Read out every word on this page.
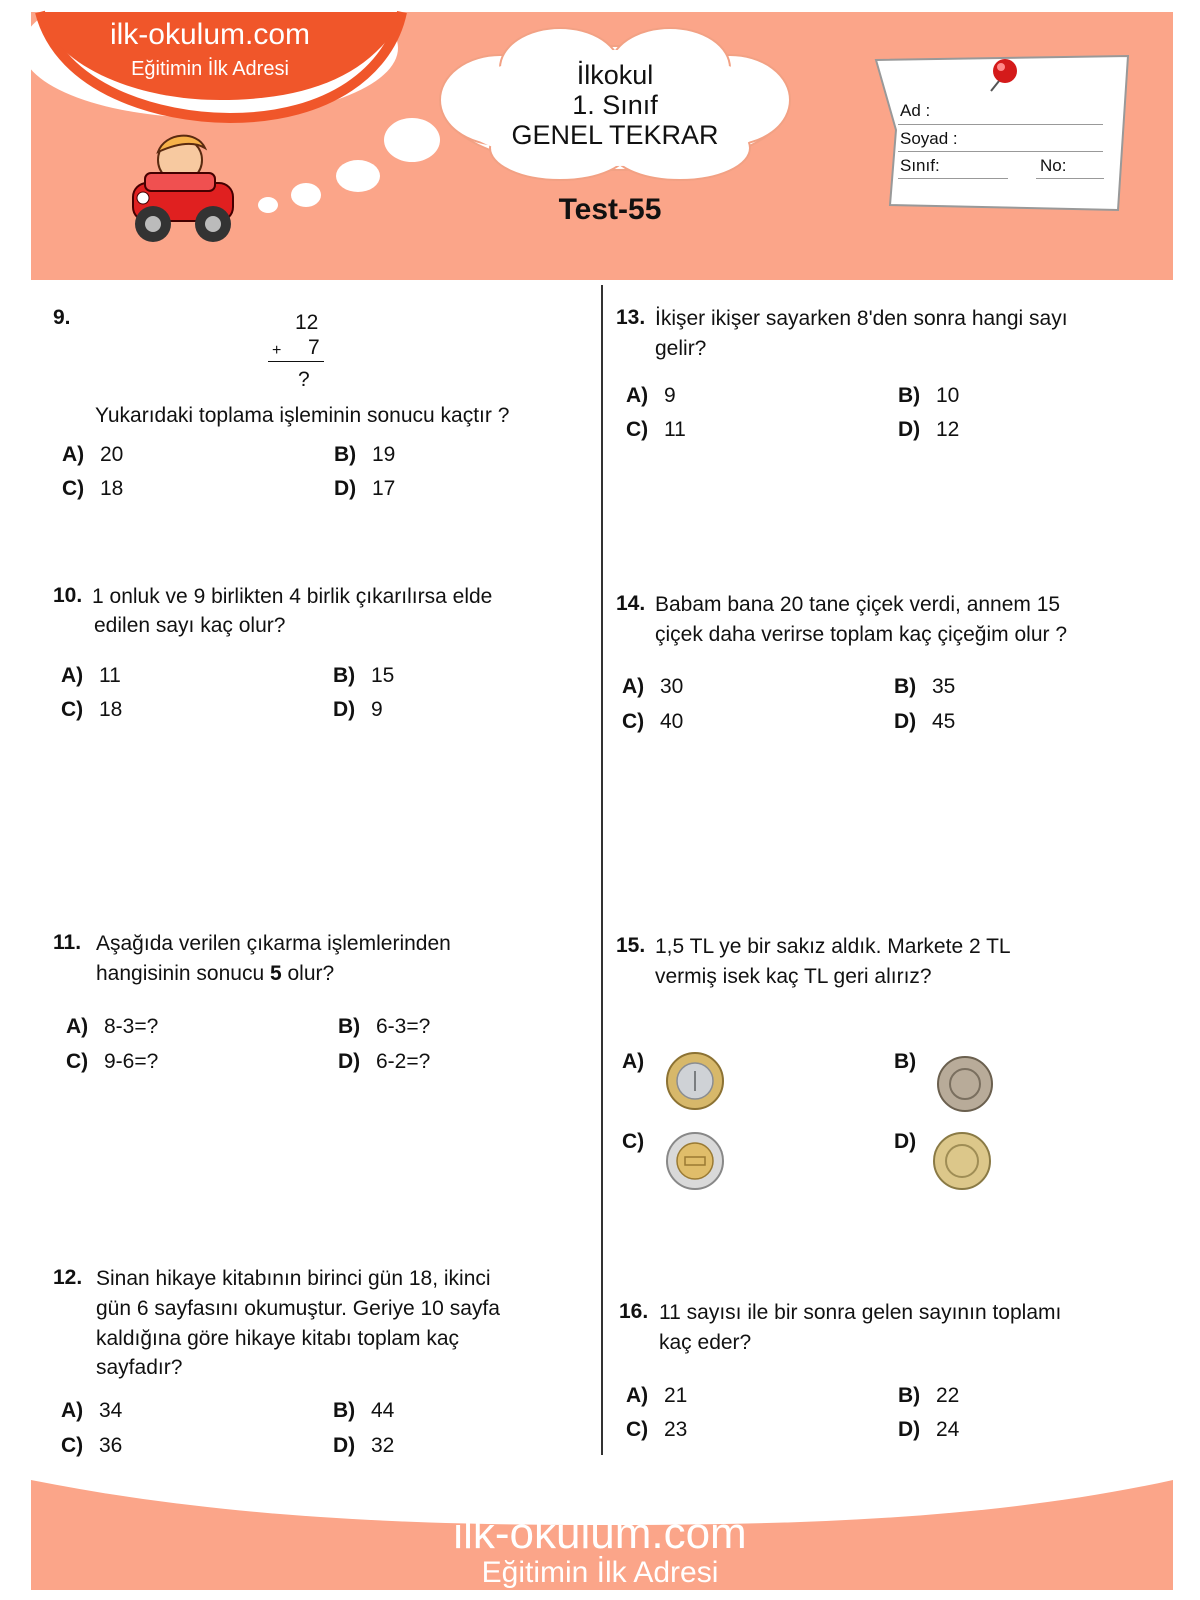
ilk-okulum.com
Eğitimin İlk Adresi	İlkokul
1. Sınıf
GENEL TEKRAR
Test-55
Ad :
Soyad :
Sınıf:	No:
9.	12
+ 7
?
Yukarıdaki toplama işleminin sonucu kaçtır ?
A) 20	B) 19
C) 18	D) 17
10. 1 onluk ve 9 birlikten 4 birlik çıkarılırsa elde
edilen sayı kaç olur?
A) 11	B) 15
C) 18	D) 9
11. Aşağıda verilen çıkarma işlemlerinden
hangisinin sonucu 5 olur?
A) 8-3=?	B) 6-3=?
C) 9-6=?	D) 6-2=?
12. Sinan hikaye kitabının birinci gün 18, ikinci
gün 6 sayfasını okumuştur. Geriye 10 sayfa
kaldığına göre hikaye kitabı toplam kaç
sayfadır?
A) 34	B) 44
C) 36	D) 32
13. İkişer ikişer sayarken 8'den sonra hangi sayı
gelir?
A) 9	B) 10
C) 11	D) 12
14. Babam bana 20 tane çiçek verdi, annem 15
çiçek daha verirse toplam kaç çiçeğim olur ?
A) 30	B) 35
C) 40	D) 45
15. 1,5 TL ye bir sakız aldık. Markete 2 TL
vermiş isek kaç TL geri alırız?
A)	B)
C)	D)
16. 11 sayısı ile bir sonra gelen sayının toplamı
kaç eder?
A) 21	B) 22
C) 23	D) 24
ilk-okulum.com
Eğitimin İlk Adresi
